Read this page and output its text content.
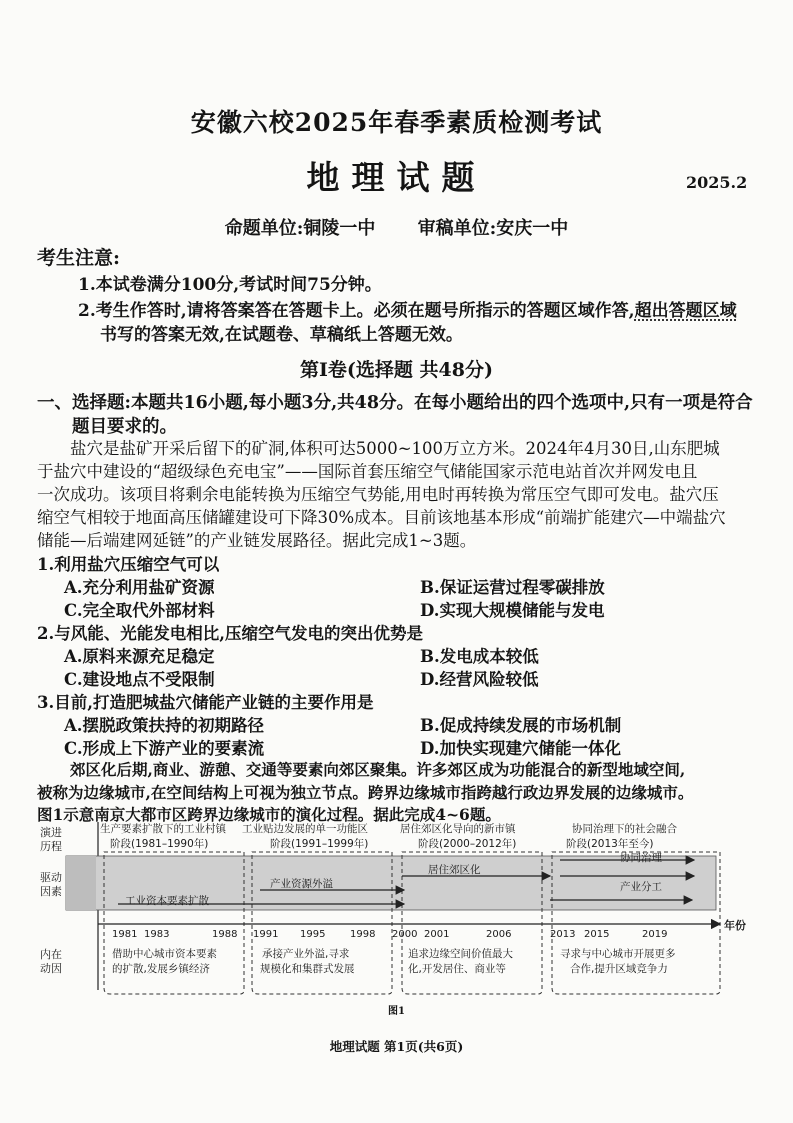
安徽六校2025年春季素质检测考试
地理试题	2025.2
命题单位:铜陵一中 审稿单位:安庆一中
考生注意:
1.本试卷满分100分,考试时间75分钟。
2.考生作答时,请将答案答在答题卡上。必须在题号所指示的答题区域作答,超出答题区域
书写的答案无效,在试题卷、草稿纸上答题无效。
第Ⅰ卷(选择题 共48分)
一、选择题:本题共16小题,每小题3分,共48分。在每小题给出的四个选项中,只有一项是符合
题目要求的。
盐穴是盐矿开采后留下的矿洞,体积可达5000~100万立方米。2024年4月30日,山东肥城
于盐穴中建设的“超级绿色充电宝”——国际首套压缩空气储能国家示范电站首次并网发电且
一次成功。该项目将剩余电能转换为压缩空气势能,用电时再转换为常压空气即可发电。盐穴压
缩空气相较于地面高压储罐建设可下降30%成本。目前该地基本形成“前端扩能建穴—中端盐穴
储能—后端建网延链”的产业链发展路径。据此完成1~3题。
1.利用盐穴压缩空气可以
A.充分利用盐矿资源	B.保证运营过程零碳排放
C.完全取代外部材料	D.实现大规模储能与发电
2.与风能、光能发电相比,压缩空气发电的突出优势是
A.原料来源充足稳定	B.发电成本较低
C.建设地点不受限制	D.经营风险较低
3.目前,打造肥城盐穴储能产业链的主要作用是
A.摆脱政策扶持的初期路径	B.促成持续发展的市场机制
C.形成上下游产业的要素流	D.加快实现建穴储能一体化
郊区化后期,商业、游憩、交通等要素向郊区聚集。许多郊区成为功能混合的新型地域空间,
被称为边缘城市,在空间结构上可视为独立节点。跨界边缘城市指跨越行政边界发展的边缘城市。
图1示意南京大都市区跨界边缘城市的演化过程。据此完成4~6题。
演进
历程
驱动
因素
内在
动因
生产要素扩散下的工业村镇
阶段(1981–1990年)
工业贴边发展的单一功能区
阶段(1991–1999年)
居住郊区化导向的新市镇
阶段(2000–2012年)
协同治理下的社会融合
阶段(2013年至今)
工业资本要素扩散
产业资源外溢
居住郊区化
协同治理
产业分工
年份
1981 1983	1988 1991 1995 1998 2000 2001	2006	2013 2015	2019
借助中心城市资本要素
的扩散,发展乡镇经济
承接产业外溢,寻求
规模化和集群式发展
追求边缘空间价值最大
化,开发居住、商业等
寻求与中心城市开展更多
合作,提升区域竞争力
图1
地理试题 第1页(共6页)
